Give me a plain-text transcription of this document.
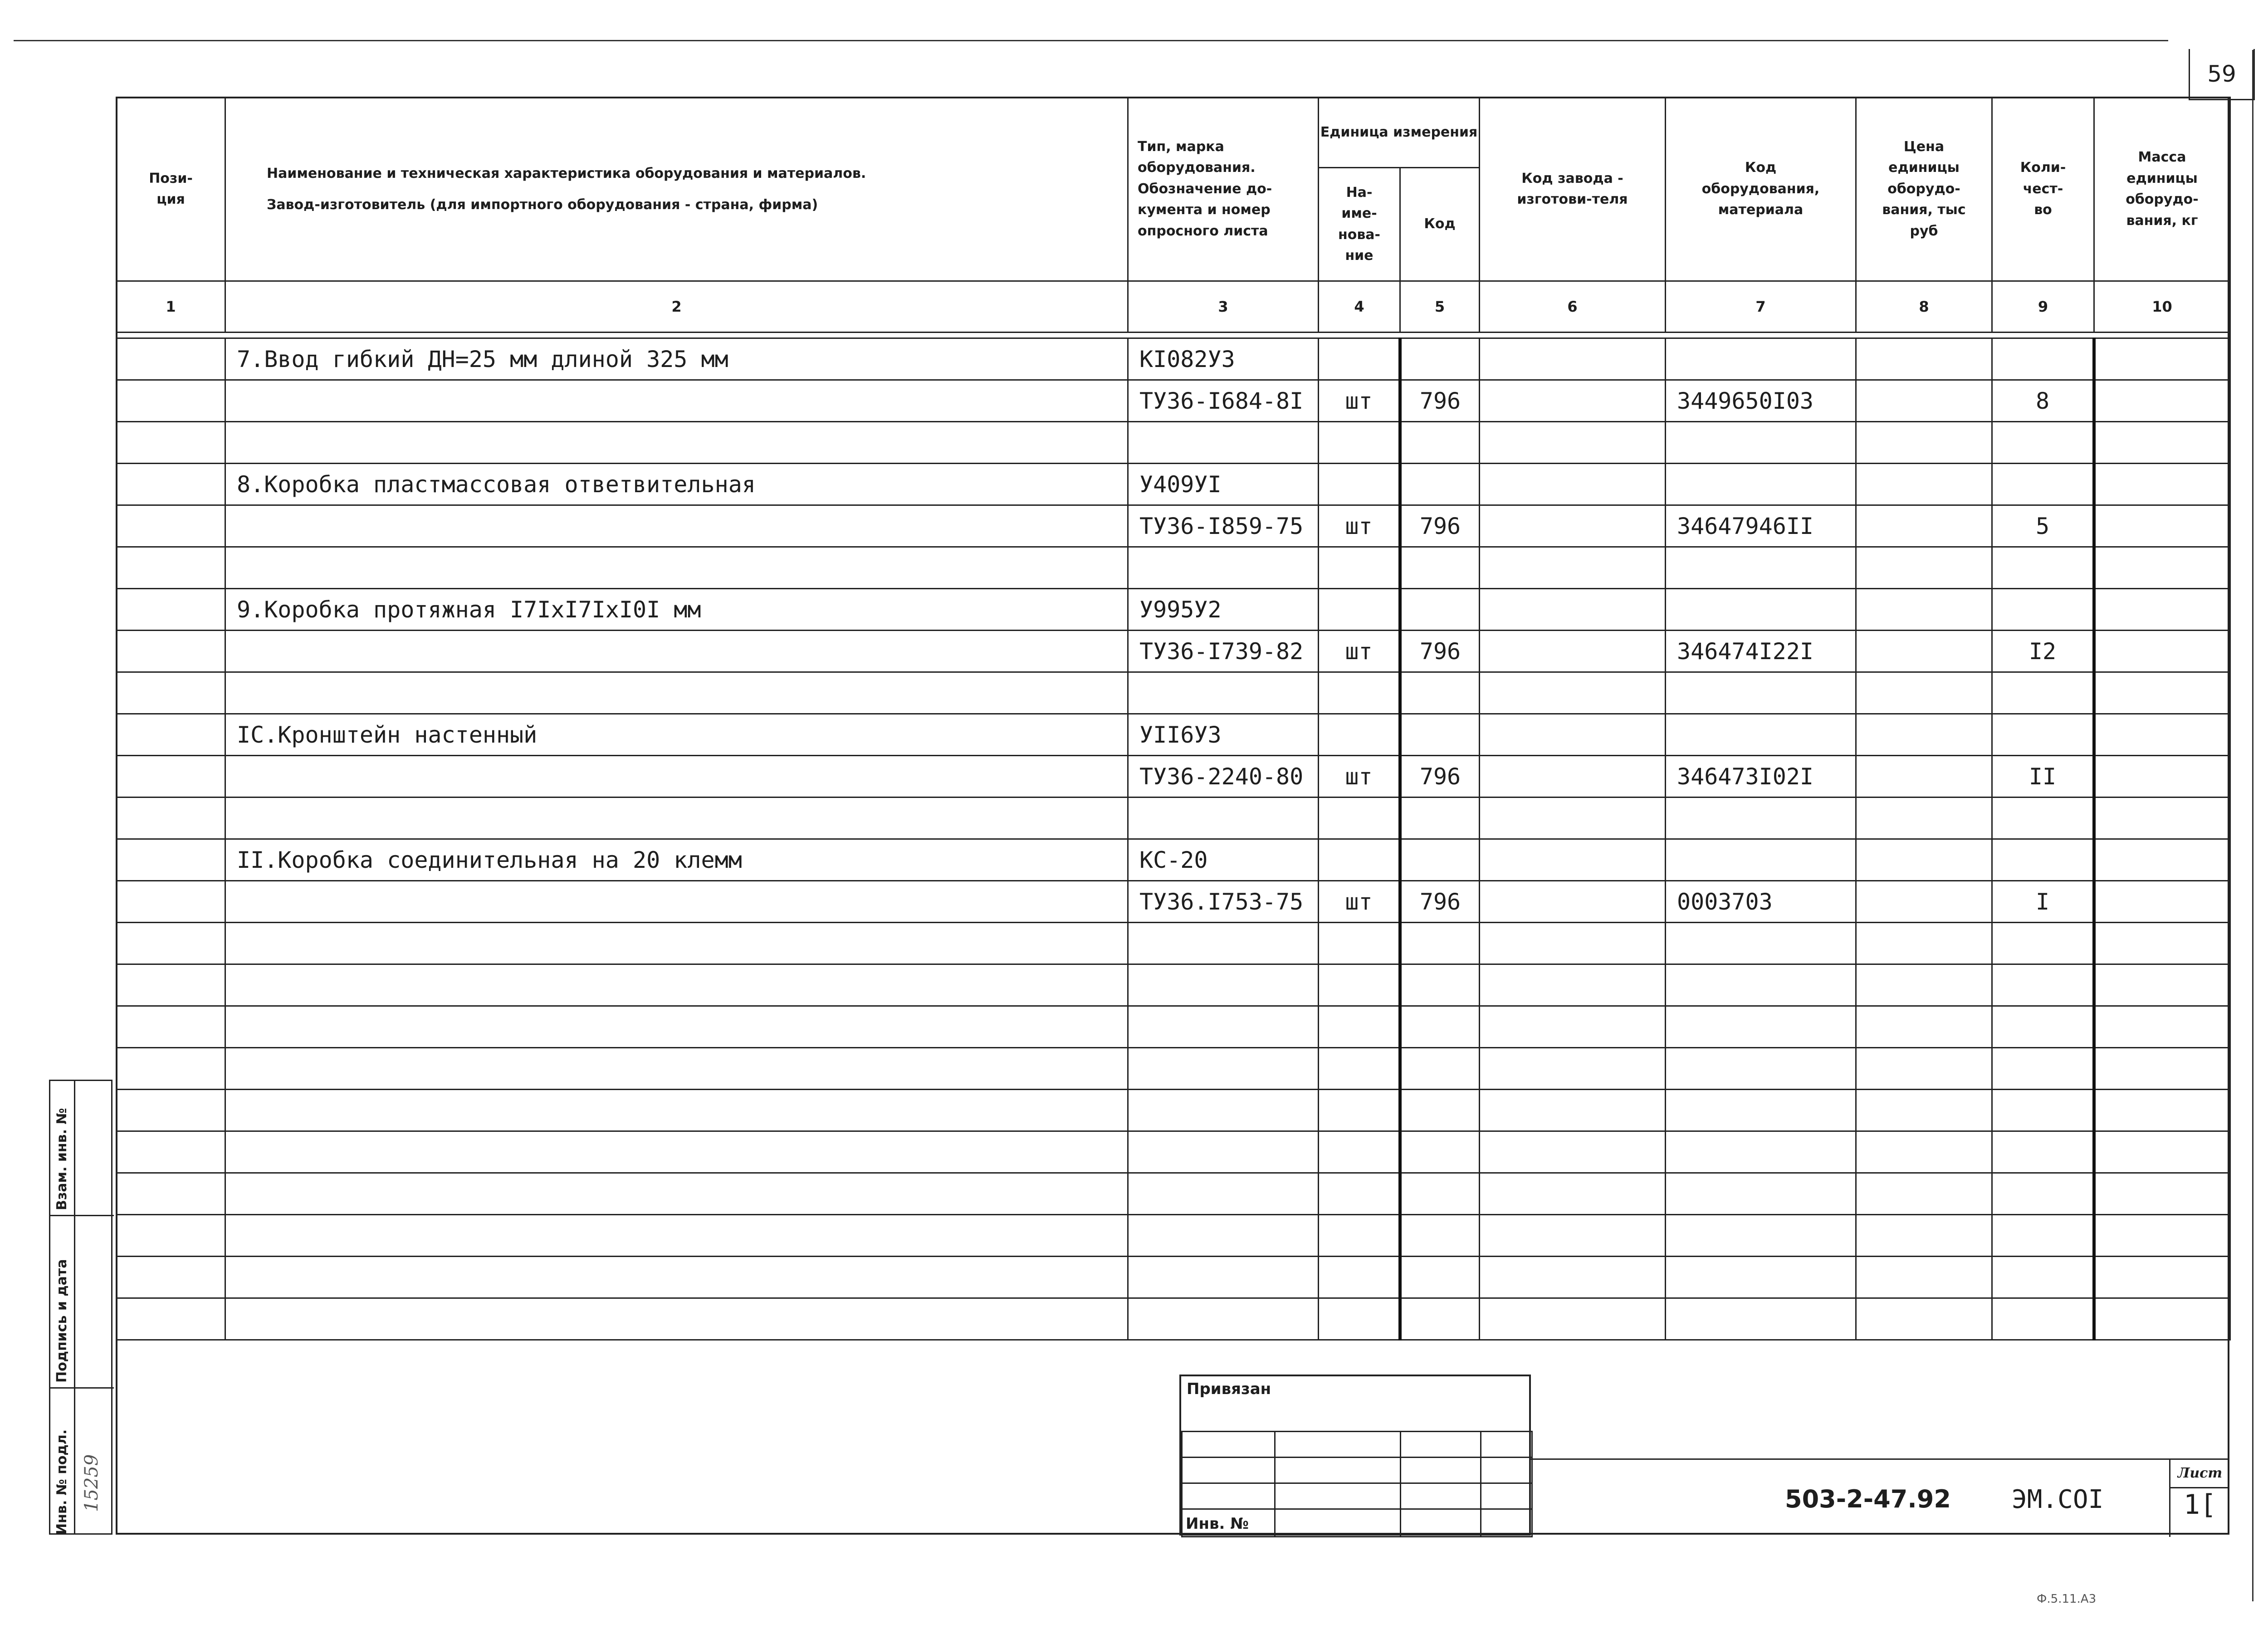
59
Пози-ция	Наименование и техническая характеристика оборудования и материалов.
Завод-изготовитель (для импортного оборудования - страна, фирма)	Тип, марка оборудования. Обозначение до-кумента и номер опросного листа	Единица измерения		Код завода - изготови-теля	Код оборудования, материала	Цена единицы оборудо-вания, тыс руб	Коли-чест-во	Масса единицы оборудо-вания, кг
			На-име-нова-ние	Код					
1	2	3	4	5	6	7	8	9	10

	7.Ввод гибкий ДН=25 мм длиной 325 мм	КI082У3							
		ТУ36-I684-8I	шт	796		3449650I03		8	

	8.Коробка пластмассовая ответвительная	У409УI							
		ТУ36-I859-75	шт	796		34647946II		5	

	9.Коробка протяжная I7IxI7IxI0I мм	У995У2							
		ТУ36-I739-82	шт	796		346474I22I		I2	

	IC.Кронштейн настенный	УII6У3							
		ТУ36-2240-80	шт	796		346473I02I		II	

	II.Коробка соединительная на 20 клемм	КС-20							
		ТУ36.I753-75	шт	796		0003703		I	

Привязан
Инв. №
503-2-47.92 ЭМ.СОI
Лист
1[
Инв. № подл.
Подпись и дата
Взам. инв. №
15259
Ф.5.11.А3
